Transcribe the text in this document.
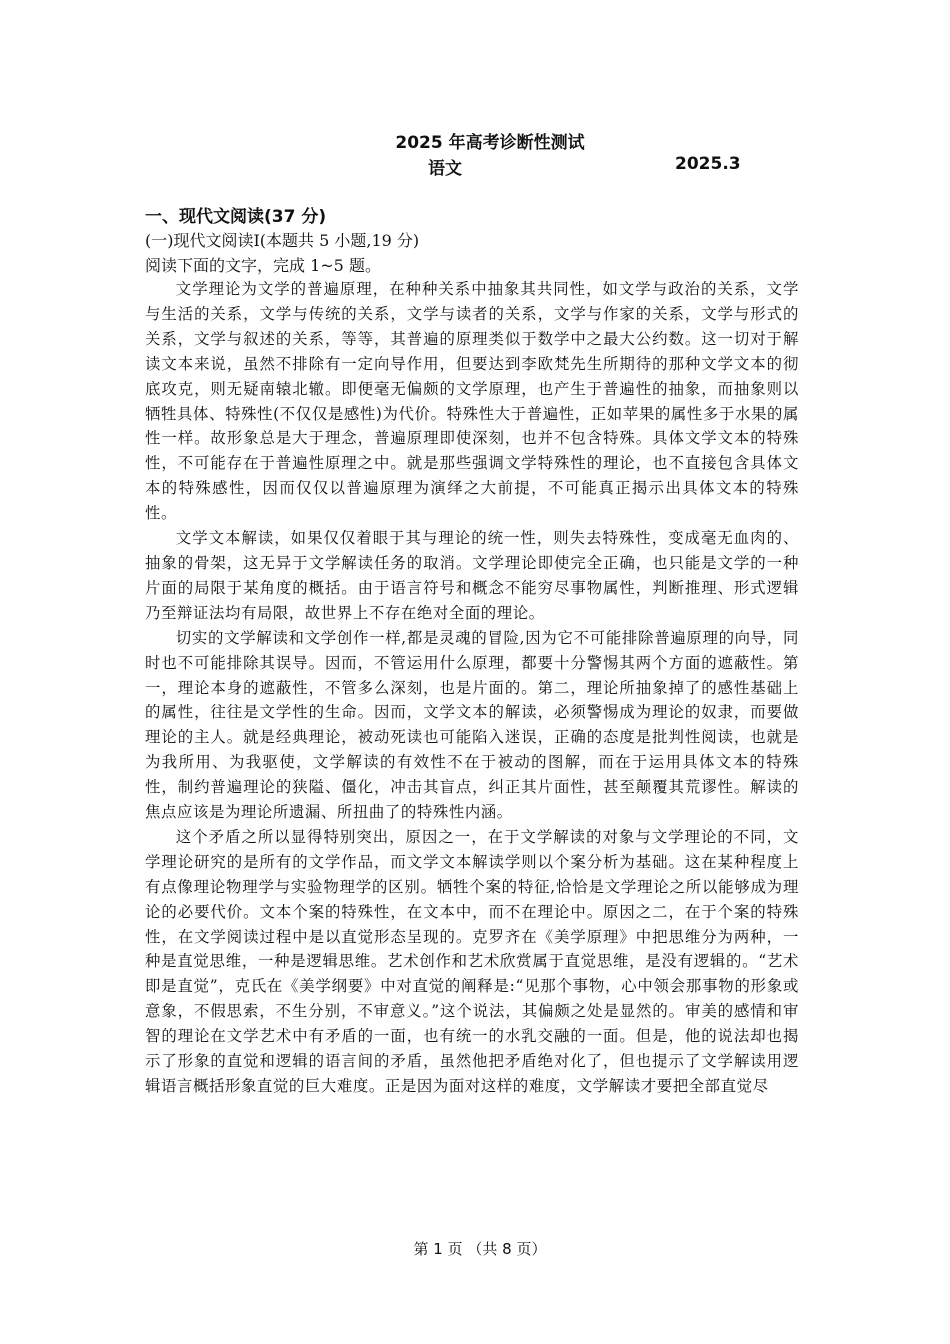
2025 年高考诊断性测试
语文	2025.3
一、现代文阅读(37 分)
(一)现代文阅读Ⅰ(本题共 5 小题,19 分)
阅读下面的文字，完成 1~5 题。

文学理论为文学的普遍原理，在种种关系中抽象其共同性，如文学与政治的关系，文学与生活的关系，文学与传统的关系，文学与读者的关系，文学与作家的关系，文学与形式的关系，文学与叙述的关系，等等，其普遍的原理类似于数学中之最大公约数。这一切对于解读文本来说，虽然不排除有一定向导作用，但要达到李欧梵先生所期待的那种文学文本的彻底攻克，则无疑南辕北辙。即便毫无偏颇的文学原理，也产生于普遍性的抽象，而抽象则以牺牲具体、特殊性(不仅仅是感性)为代价。特殊性大于普遍性，正如苹果的属性多于水果的属性一样。故形象总是大于理念，普遍原理即使深刻，也并不包含特殊。具体文学文本的特殊性，不可能存在于普遍性原理之中。就是那些强调文学特殊性的理论，也不直接包含具体文本的特殊感性，因而仅仅以普遍原理为演绎之大前提，不可能真正揭示出具体文本的特殊性。

文学文本解读，如果仅仅着眼于其与理论的统一性，则失去特殊性，变成毫无血肉的、抽象的骨架，这无异于文学解读任务的取消。文学理论即使完全正确，也只能是文学的一种片面的局限于某角度的概括。由于语言符号和概念不能穷尽事物属性，判断推理、形式逻辑乃至辩证法均有局限，故世界上不存在绝对全面的理论。

切实的文学解读和文学创作一样,都是灵魂的冒险,因为它不可能排除普遍原理的向导，同时也不可能排除其误导。因而，不管运用什么原理，都要十分警惕其两个方面的遮蔽性。第一，理论本身的遮蔽性，不管多么深刻，也是片面的。第二，理论所抽象掉了的感性基础上的属性，往往是文学性的生命。因而，文学文本的解读，必须警惕成为理论的奴隶，而要做理论的主人。就是经典理论，被动死读也可能陷入迷误，正确的态度是批判性阅读，也就是为我所用、为我驱使，文学解读的有效性不在于被动的图解，而在于运用具体文本的特殊性，制约普遍理论的狭隘、僵化，冲击其盲点，纠正其片面性，甚至颠覆其荒谬性。解读的焦点应该是为理论所遗漏、所扭曲了的特殊性内涵。

这个矛盾之所以显得特别突出，原因之一，在于文学解读的对象与文学理论的不同，文学理论研究的是所有的文学作品，而文学文本解读学则以个案分析为基础。这在某种程度上有点像理论物理学与实验物理学的区别。牺牲个案的特征,恰恰是文学理论之所以能够成为理论的必要代价。文本个案的特殊性，在文本中，而不在理论中。原因之二，在于个案的特殊性，在文学阅读过程中是以直觉形态呈现的。克罗齐在《美学原理》中把思维分为两种，一种是直觉思维，一种是逻辑思维。艺术创作和艺术欣赏属于直觉思维，是没有逻辑的。“艺术即是直觉”，克氏在《美学纲要》中对直觉的阐释是:“见那个事物，心中领会那事物的形象或意象，不假思索，不生分别，不审意义。”这个说法，其偏颇之处是显然的。审美的感情和审智的理论在文学艺术中有矛盾的一面，也有统一的水乳交融的一面。但是，他的说法却也揭示了形象的直觉和逻辑的语言间的矛盾，虽然他把矛盾绝对化了，但也提示了文学解读用逻辑语言概括形象直觉的巨大难度。正是因为面对这样的难度，文学解读才要把全部直觉尽

第 1 页 （共 8 页）
